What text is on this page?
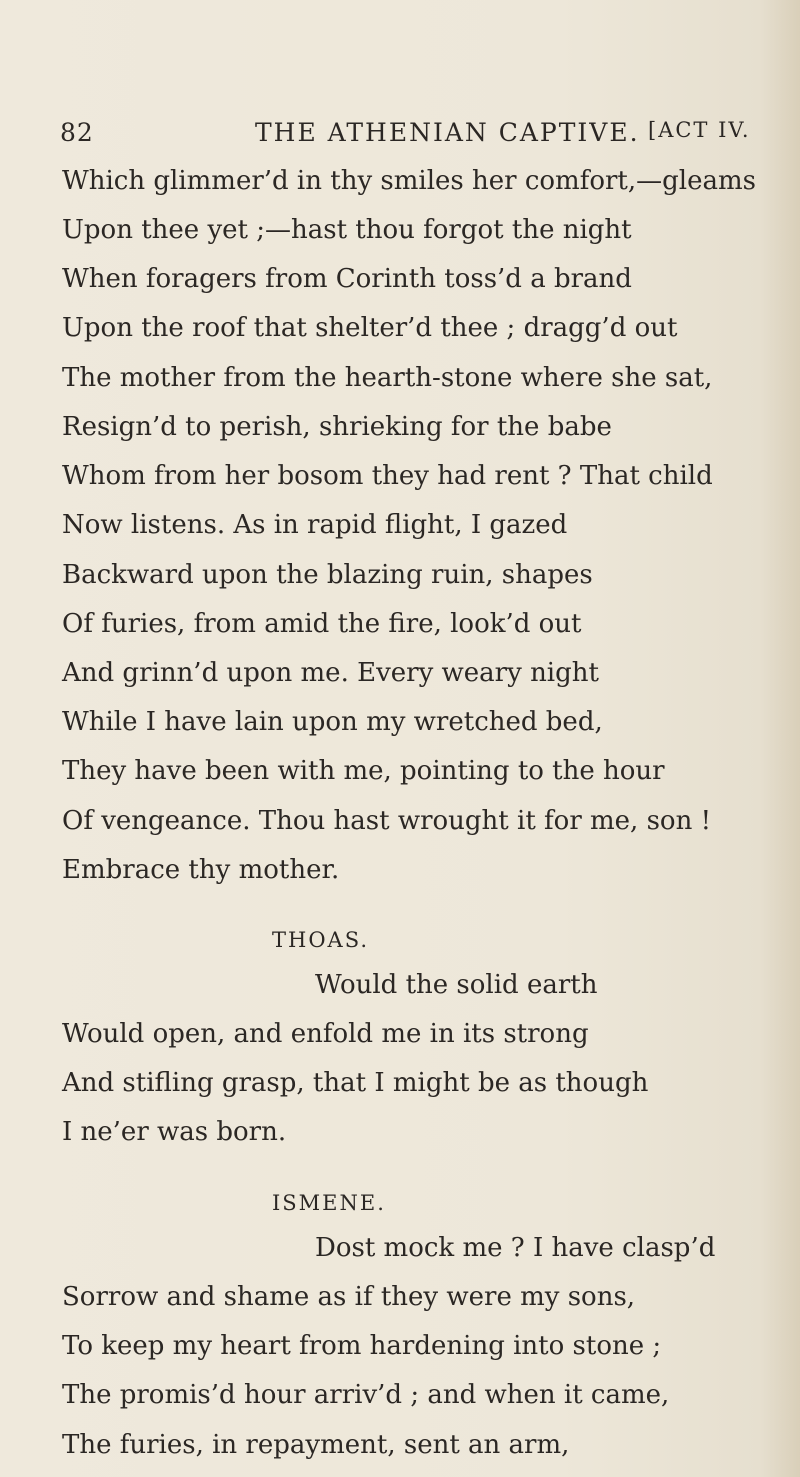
82	THE ATHENIAN CAPTIVE. [ACT IV.
Which glimmer’d in thy smiles her comfort,—gleams
Upon thee yet ;—hast thou forgot the night
When foragers from Corinth toss’d a brand
Upon the roof that shelter’d thee ; dragg’d out
The mother from the hearth-stone where she sat,
Resign’d to perish, shrieking for the babe
Whom from her bosom they had rent ? That child
Now listens. As in rapid flight, I gazed
Backward upon the blazing ruin, shapes
Of furies, from amid the fire, look’d out
And grinn’d upon me. Every weary night
While I have lain upon my wretched bed,
They have been with me, pointing to the hour
Of vengeance. Thou hast wrought it for me, son !
Embrace thy mother.
THOAS.
Would the solid earth
Would open, and enfold me in its strong
And stifling grasp, that I might be as though
I ne’er was born.
ISMENE.
Dost mock me ? I have clasp’d
Sorrow and shame as if they were my sons,
To keep my heart from hardening into stone ;
The promis’d hour arriv’d ; and when it came,
The furies, in repayment, sent an arm,
